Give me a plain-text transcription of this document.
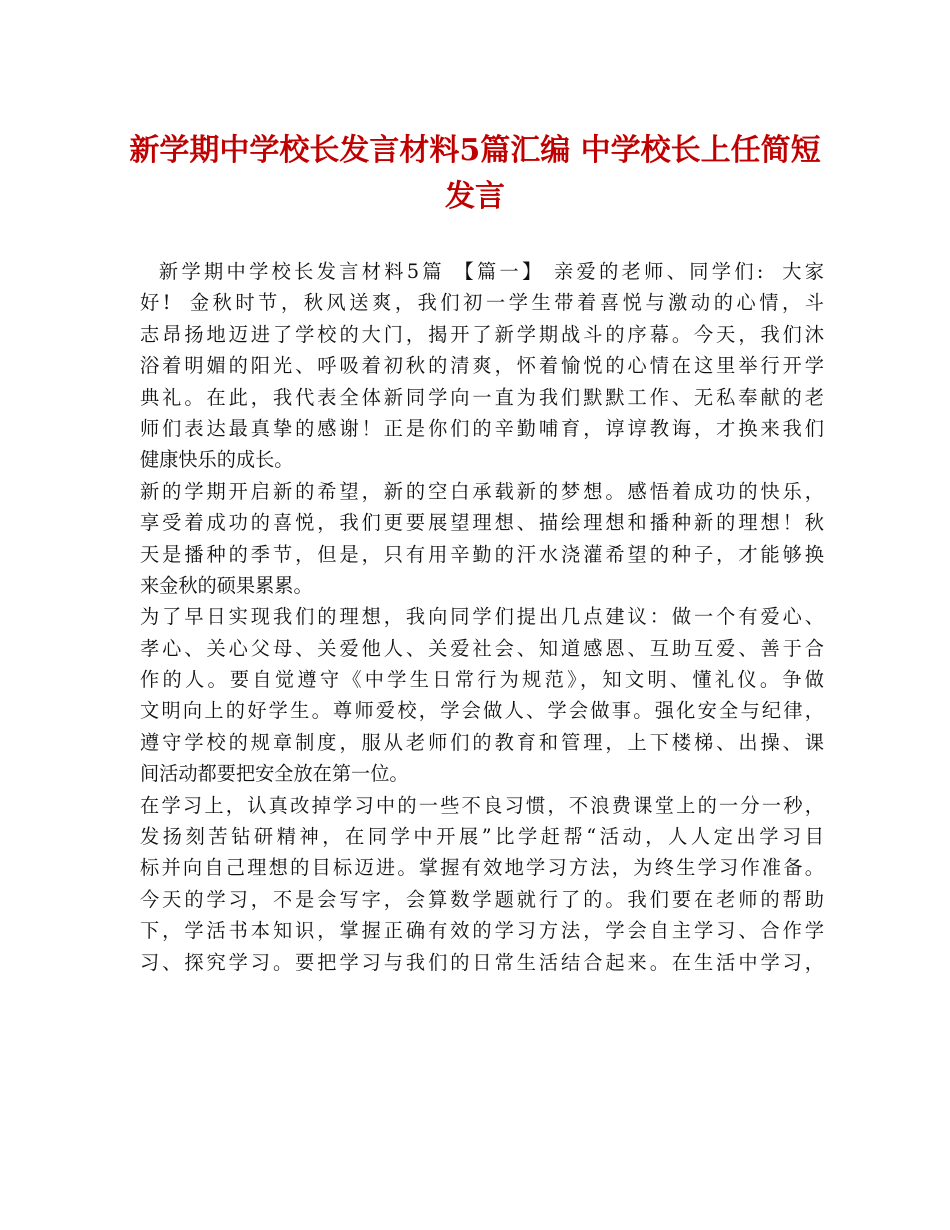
新学期中学校长发言材料5篇汇编 中学校长上任简短
发言
新学期中学校长发言材料5篇 【篇一】 亲爱的老师、同学们:  大家
好!  金秋时节，秋风送爽，我们初一学生带着喜悦与激动的心情，斗
志昂扬地迈进了学校的大门，揭开了新学期战斗的序幕。今天，我们沐
浴着明媚的阳光、呼吸着初秋的清爽，怀着愉悦的心情在这里举行开学
典礼。在此，我代表全体新同学向一直为我们默默工作、无私奉献的老
师们表达最真挚的感谢！正是你们的辛勤哺育，谆谆教诲，才换来我们
健康快乐的成长。
新的学期开启新的希望，新的空白承载新的梦想。感悟着成功的快乐，
享受着成功的喜悦，我们更要展望理想、描绘理想和播种新的理想！秋
天是播种的季节，但是，只有用辛勤的汗水浇灌希望的种子，才能够换
来金秋的硕果累累。
为了早日实现我们的理想，我向同学们提出几点建议：做一个有爱心、
孝心、关心父母、关爱他人、关爱社会、知道感恩、互助互爱、善于合
作的人。要自觉遵守《中学生日常行为规范》，知文明、懂礼仪。争做
文明向上的好学生。尊师爱校，学会做人、学会做事。强化安全与纪律，
遵守学校的规章制度，服从老师们的教育和管理，上下楼梯、出操、课
间活动都要把安全放在第一位。
在学习上，认真改掉学习中的一些不良习惯，不浪费课堂上的一分一秒，
发扬刻苦钻研精神，在同学中开展”比学赶帮“活动，人人定出学习目
标并向自己理想的目标迈进。掌握有效地学习方法，为终生学习作准备。
今天的学习，不是会写字，会算数学题就行了的。我们要在老师的帮助
下，学活书本知识，掌握正确有效的学习方法，学会自主学习、合作学
习、探究学习。要把学习与我们的日常生活结合起来。在生活中学习，
